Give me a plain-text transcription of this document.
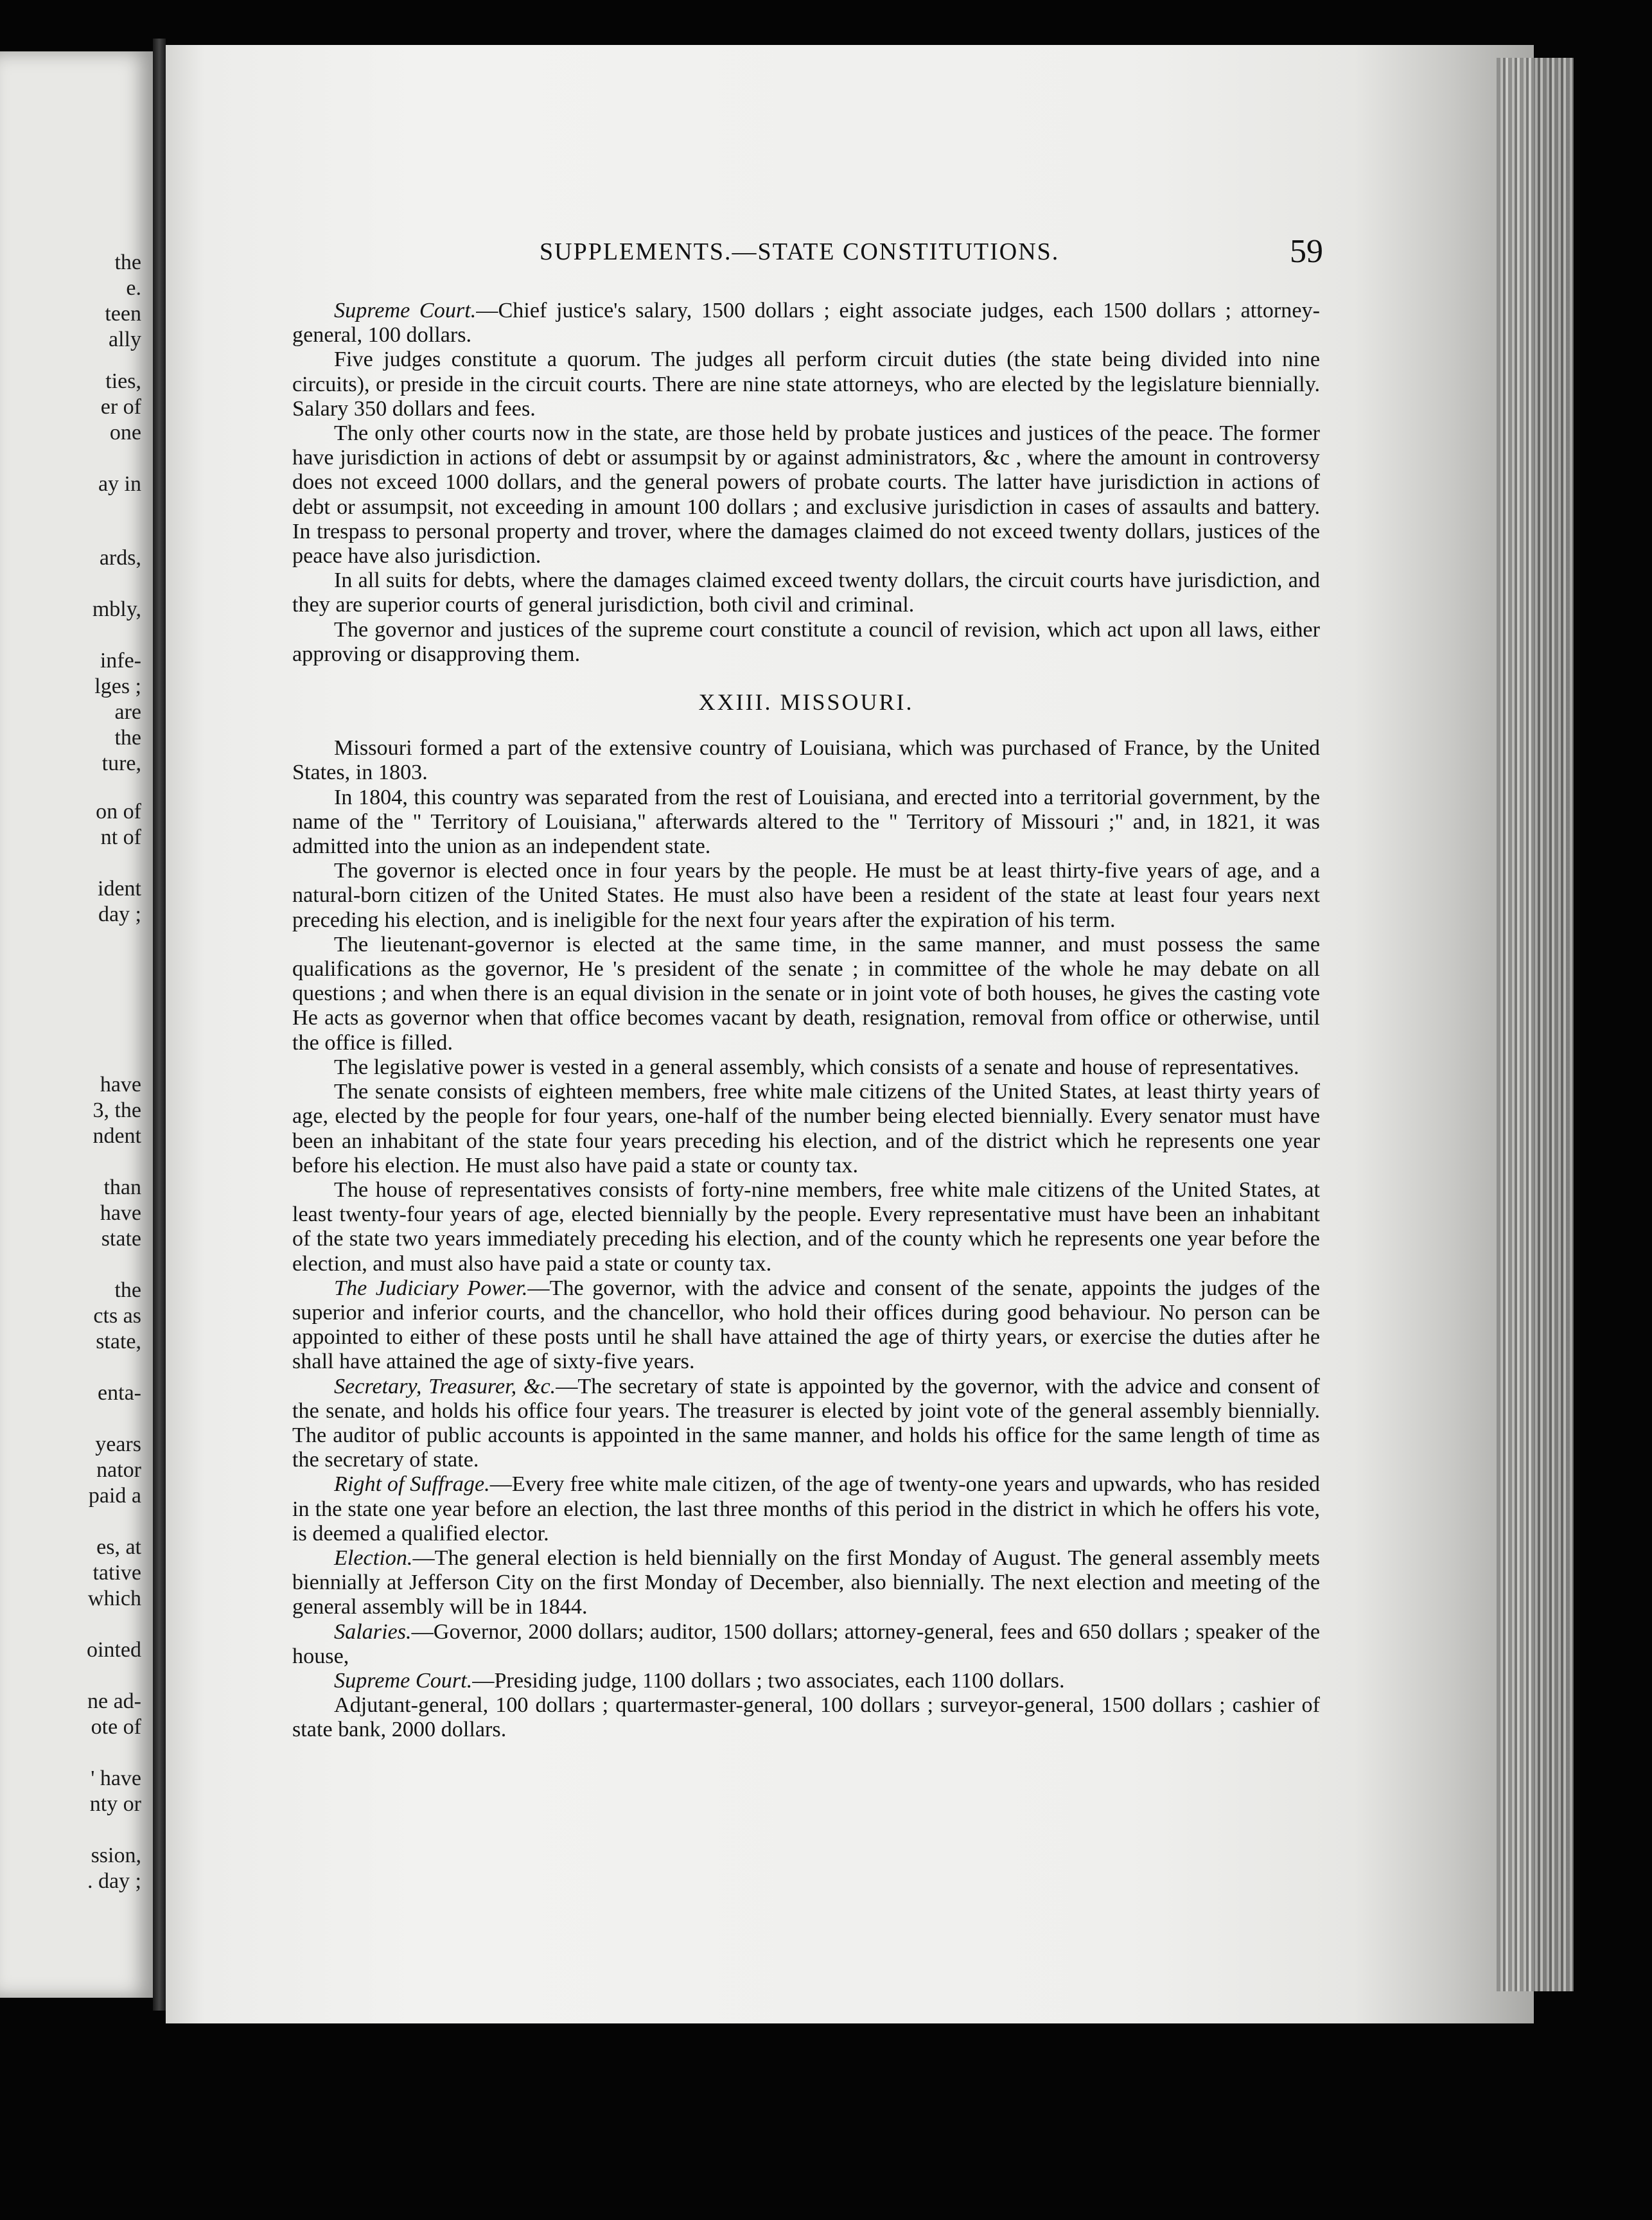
the
e.
teen
ally
ties,
er of
one
ay in
ards,
mbly,
infe-
lges ;
are
the
ture,
on of
nt of
ident
day ;
have
3, the
ndent
than
have
state
the
cts as
state,
enta-
years
nator
paid a
es, at
tative
which
ointed
ne ad-
ote of
' have
nty or
ssion,
. day ;
SUPPLEMENTS.—STATE CONSTITUTIONS.	59

Supreme Court.—Chief justice's salary, 1500 dollars ; eight associate judges, each 1500 dollars ; attorney-general, 100 dollars.

Five judges constitute a quorum. The judges all perform circuit duties (the state being divided into nine circuits), or preside in the circuit courts. There are nine state attorneys, who are elected by the legislature biennially. Salary 350 dollars and fees.

The only other courts now in the state, are those held by probate justices and justices of the peace. The former have jurisdiction in actions of debt or assumpsit by or against administrators, &c , where the amount in controversy does not exceed 1000 dollars, and the general powers of probate courts. The latter have jurisdiction in actions of debt or assumpsit, not exceeding in amount 100 dollars ; and exclusive jurisdiction in cases of assaults and battery. In trespass to personal property and trover, where the damages claimed do not exceed twenty dollars, justices of the peace have also jurisdiction.

In all suits for debts, where the damages claimed exceed twenty dollars, the circuit courts have jurisdiction, and they are superior courts of general jurisdiction, both civil and criminal.

The governor and justices of the supreme court constitute a council of revision, which act upon all laws, either approving or disapproving them.

XXIII. MISSOURI.

Missouri formed a part of the extensive country of Louisiana, which was purchased of France, by the United States, in 1803.

In 1804, this country was separated from the rest of Louisiana, and erected into a territorial government, by the name of the " Territory of Louisiana," afterwards altered to the " Territory of Missouri ;" and, in 1821, it was admitted into the union as an independent state.

The governor is elected once in four years by the people. He must be at least thirty-five years of age, and a natural-born citizen of the United States. He must also have been a resident of the state at least four years next preceding his election, and is ineligible for the next four years after the expiration of his term.

The lieutenant-governor is elected at the same time, in the same manner, and must possess the same qualifications as the governor, He 's president of the senate ; in committee of the whole he may debate on all questions ; and when there is an equal division in the senate or in joint vote of both houses, he gives the casting vote He acts as governor when that office becomes vacant by death, resignation, removal from office or otherwise, until the office is filled.

The legislative power is vested in a general assembly, which consists of a senate and house of representatives.

The senate consists of eighteen members, free white male citizens of the United States, at least thirty years of age, elected by the people for four years, one-half of the number being elected biennially. Every senator must have been an inhabitant of the state four years preceding his election, and of the district which he represents one year before his election. He must also have paid a state or county tax.

The house of representatives consists of forty-nine members, free white male citizens of the United States, at least twenty-four years of age, elected biennially by the people. Every representative must have been an inhabitant of the state two years immediately preceding his election, and of the county which he represents one year before the election, and must also have paid a state or county tax.

The Judiciary Power.—The governor, with the advice and consent of the senate, appoints the judges of the superior and inferior courts, and the chancellor, who hold their offices during good behaviour. No person can be appointed to either of these posts until he shall have attained the age of thirty years, or exercise the duties after he shall have attained the age of sixty-five years.

Secretary, Treasurer, &c.—The secretary of state is appointed by the governor, with the advice and consent of the senate, and holds his office four years. The treasurer is elected by joint vote of the general assembly biennially. The auditor of public accounts is appointed in the same manner, and holds his office for the same length of time as the secretary of state.

Right of Suffrage.—Every free white male citizen, of the age of twenty-one years and upwards, who has resided in the state one year before an election, the last three months of this period in the district in which he offers his vote, is deemed a qualified elector.

Election.—The general election is held biennially on the first Monday of August. The general assembly meets biennially at Jefferson City on the first Monday of December, also biennially. The next election and meeting of the general assembly will be in 1844.

Salaries.—Governor, 2000 dollars; auditor, 1500 dollars; attorney-general, fees and 650 dollars ; speaker of the house,

Supreme Court.—Presiding judge, 1100 dollars ; two associates, each 1100 dollars.

Adjutant-general, 100 dollars ; quartermaster-general, 100 dollars ; surveyor-general, 1500 dollars ; cashier of state bank, 2000 dollars.
